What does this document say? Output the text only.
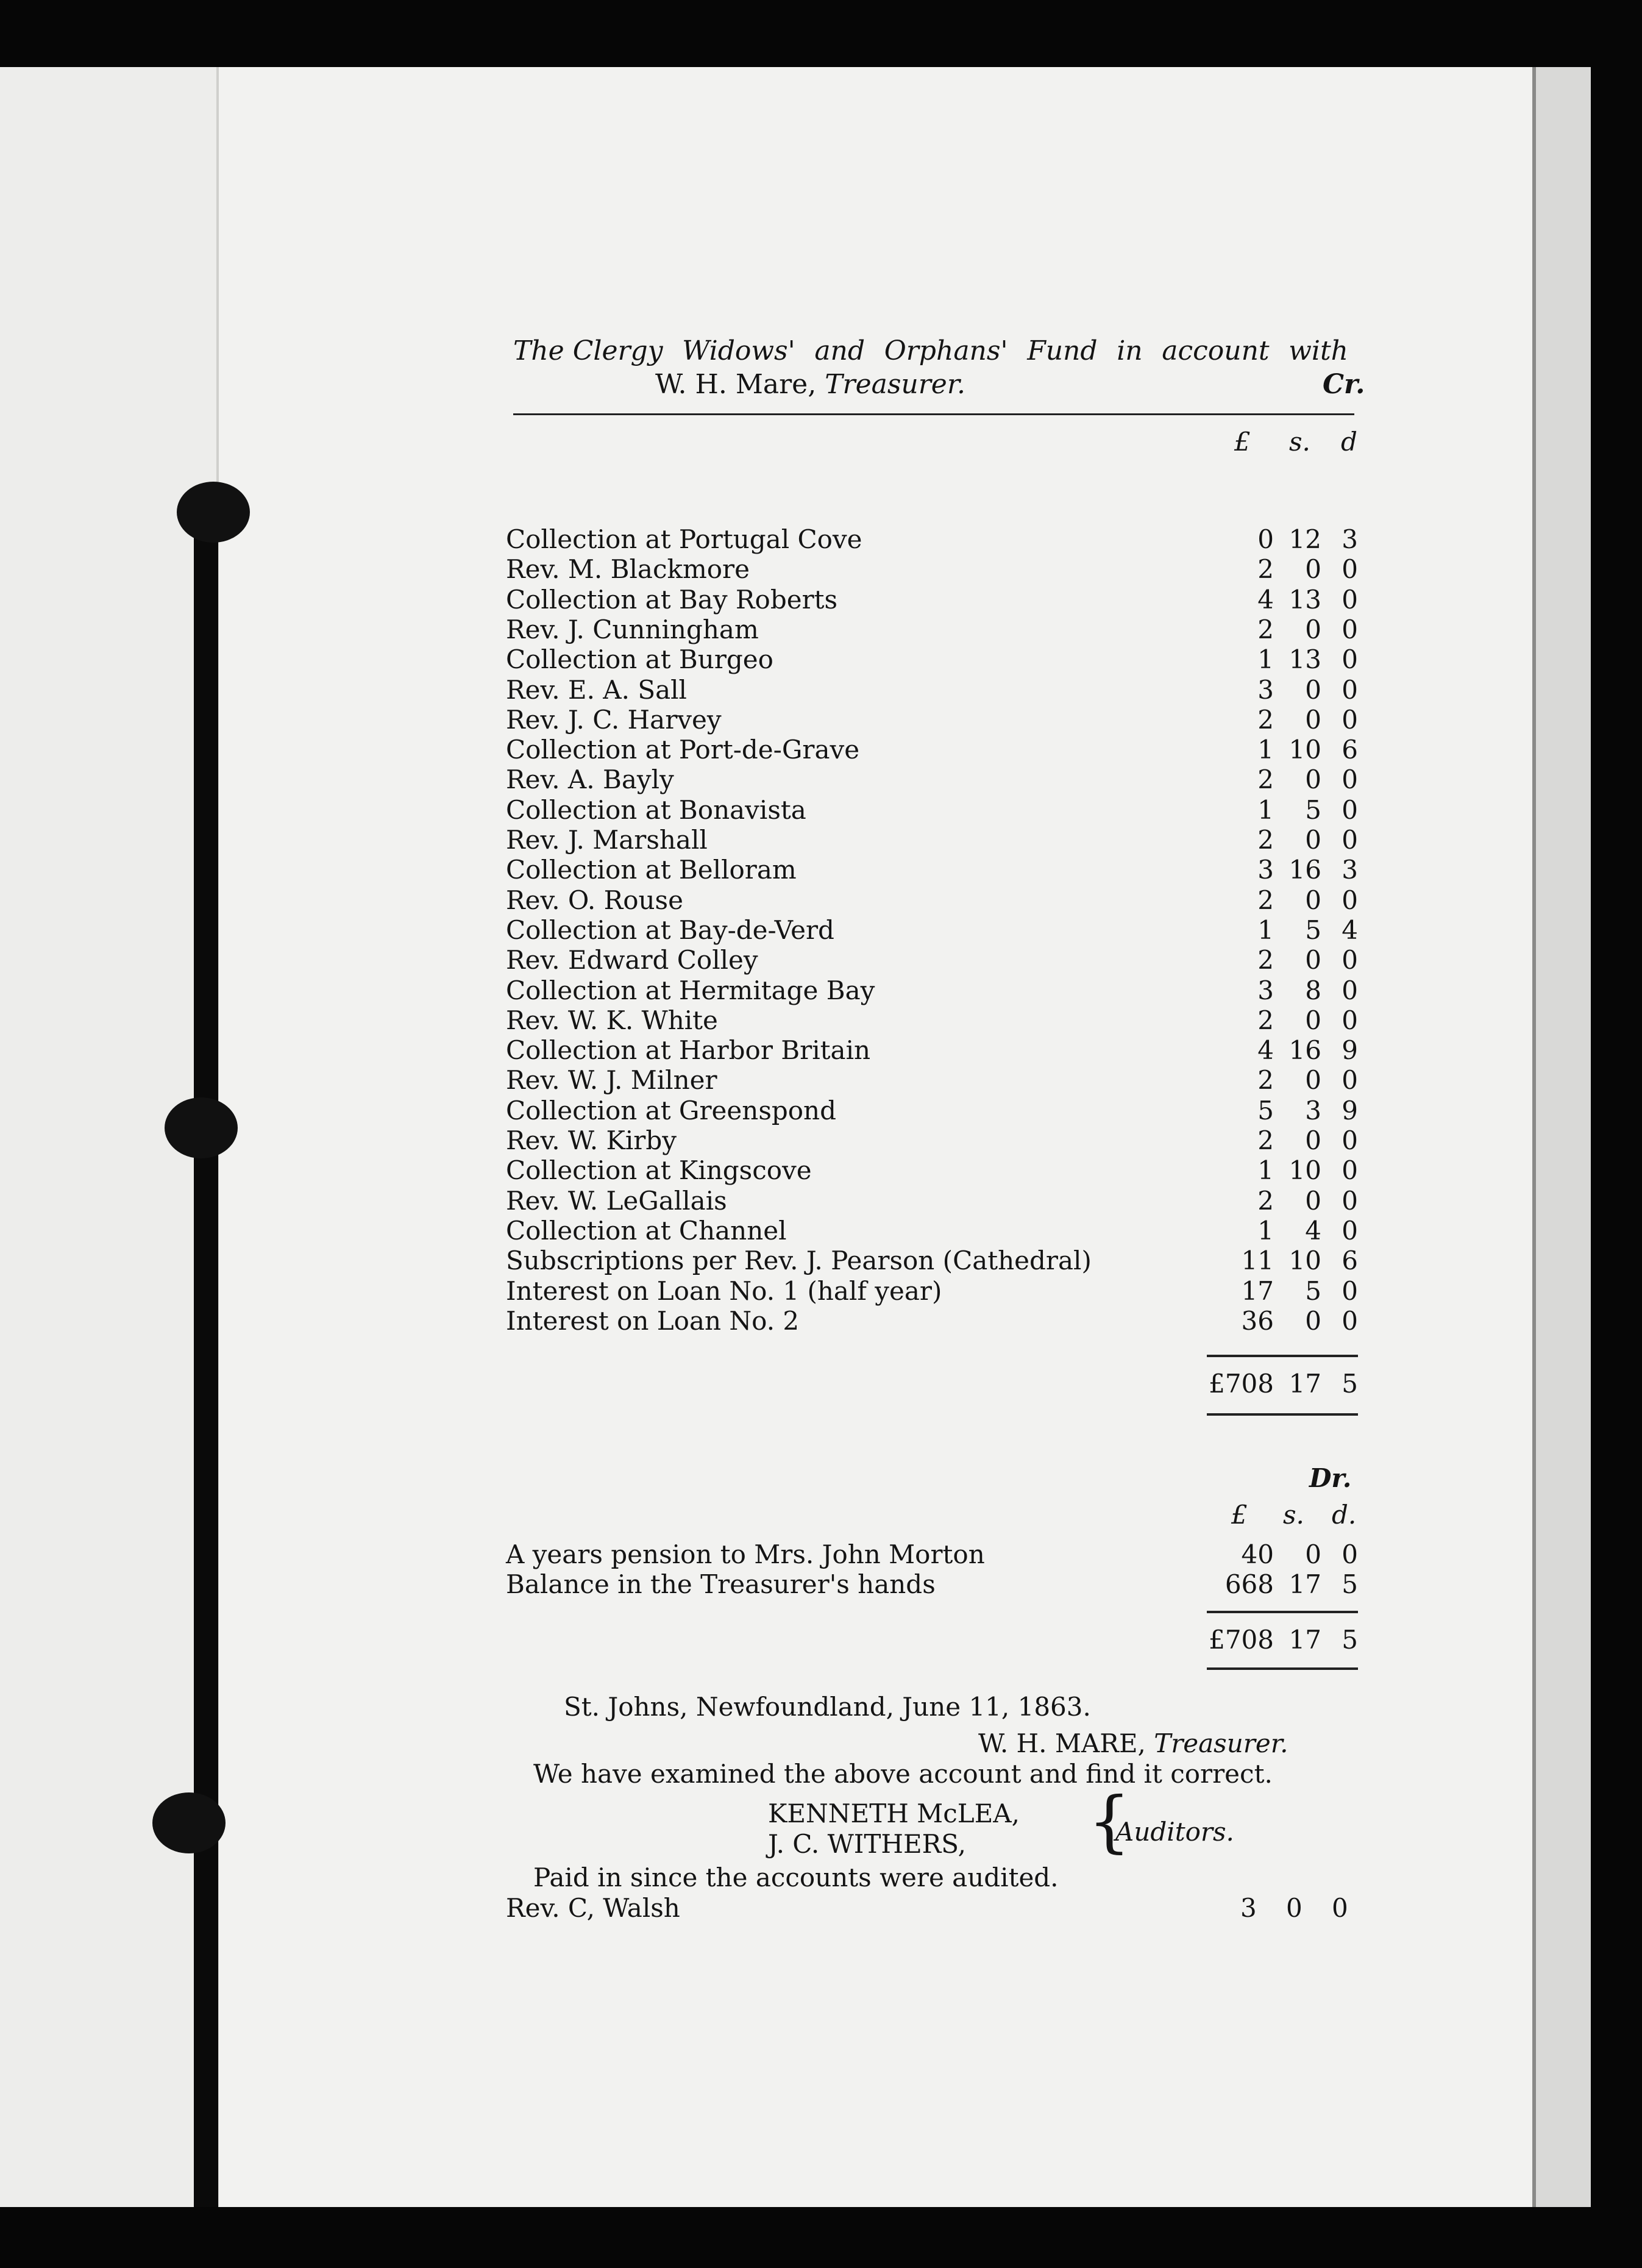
The Clergy Widows' and Orphans' Fund in account with
W. H. Mare, Treasurer.	Cr.
£ s. d
Collection at Portugal Cove	0 12 3
Rev. M. Blackmore	2	0 0
Collection at Bay Roberts	4 13 0
Rev. J. Cunningham	2	0 0
Collection at Burgeo	1 13 0
Rev. E. A. Sall	3	0 0
Rev. J. C. Harvey	2	0 0
Collection at Port-de-Grave	1 10 6
Rev. A. Bayly	2	0 0
Collection at Bonavista	1	5 0
Rev. J. Marshall	2	0 0
Collection at Belloram	3 16 3
Rev. O. Rouse	2	0 0
Collection at Bay-de-Verd	1	5 4
Rev. Edward Colley	2	0 0
Collection at Hermitage Bay	3	8 0
Rev. W. K. White	2	0 0
Collection at Harbor Britain	4 16 9
Rev. W. J. Milner	2	0 0
Collection at Greenspond	5	3 9
Rev. W. Kirby	2	0 0
Collection at Kingscove	1 10 0
Rev. W. LeGallais	2	0 0
Collection at Channel	1	4 0
Subscriptions per Rev. J. Pearson (Cathedral)	11 10 6
Interest on Loan No. 1 (half year)	17	5 0
Interest on Loan No. 2	36	0 0
£708 17 5
Dr.
£ s. d.
A years pension to Mrs. John Morton	40	0 0
Balance in the Treasurer's hands	668 17 5
£708 17 5
St. Johns, Newfoundland, June 11, 1863.
W. H. MARE, Treasurer.
We have examined the above account and find it correct.
KENNETH McLEA,
J. C. WITHERS, {
Auditors.
Paid in since the accounts were audited.
Rev. C, Walsh	3 0 0
